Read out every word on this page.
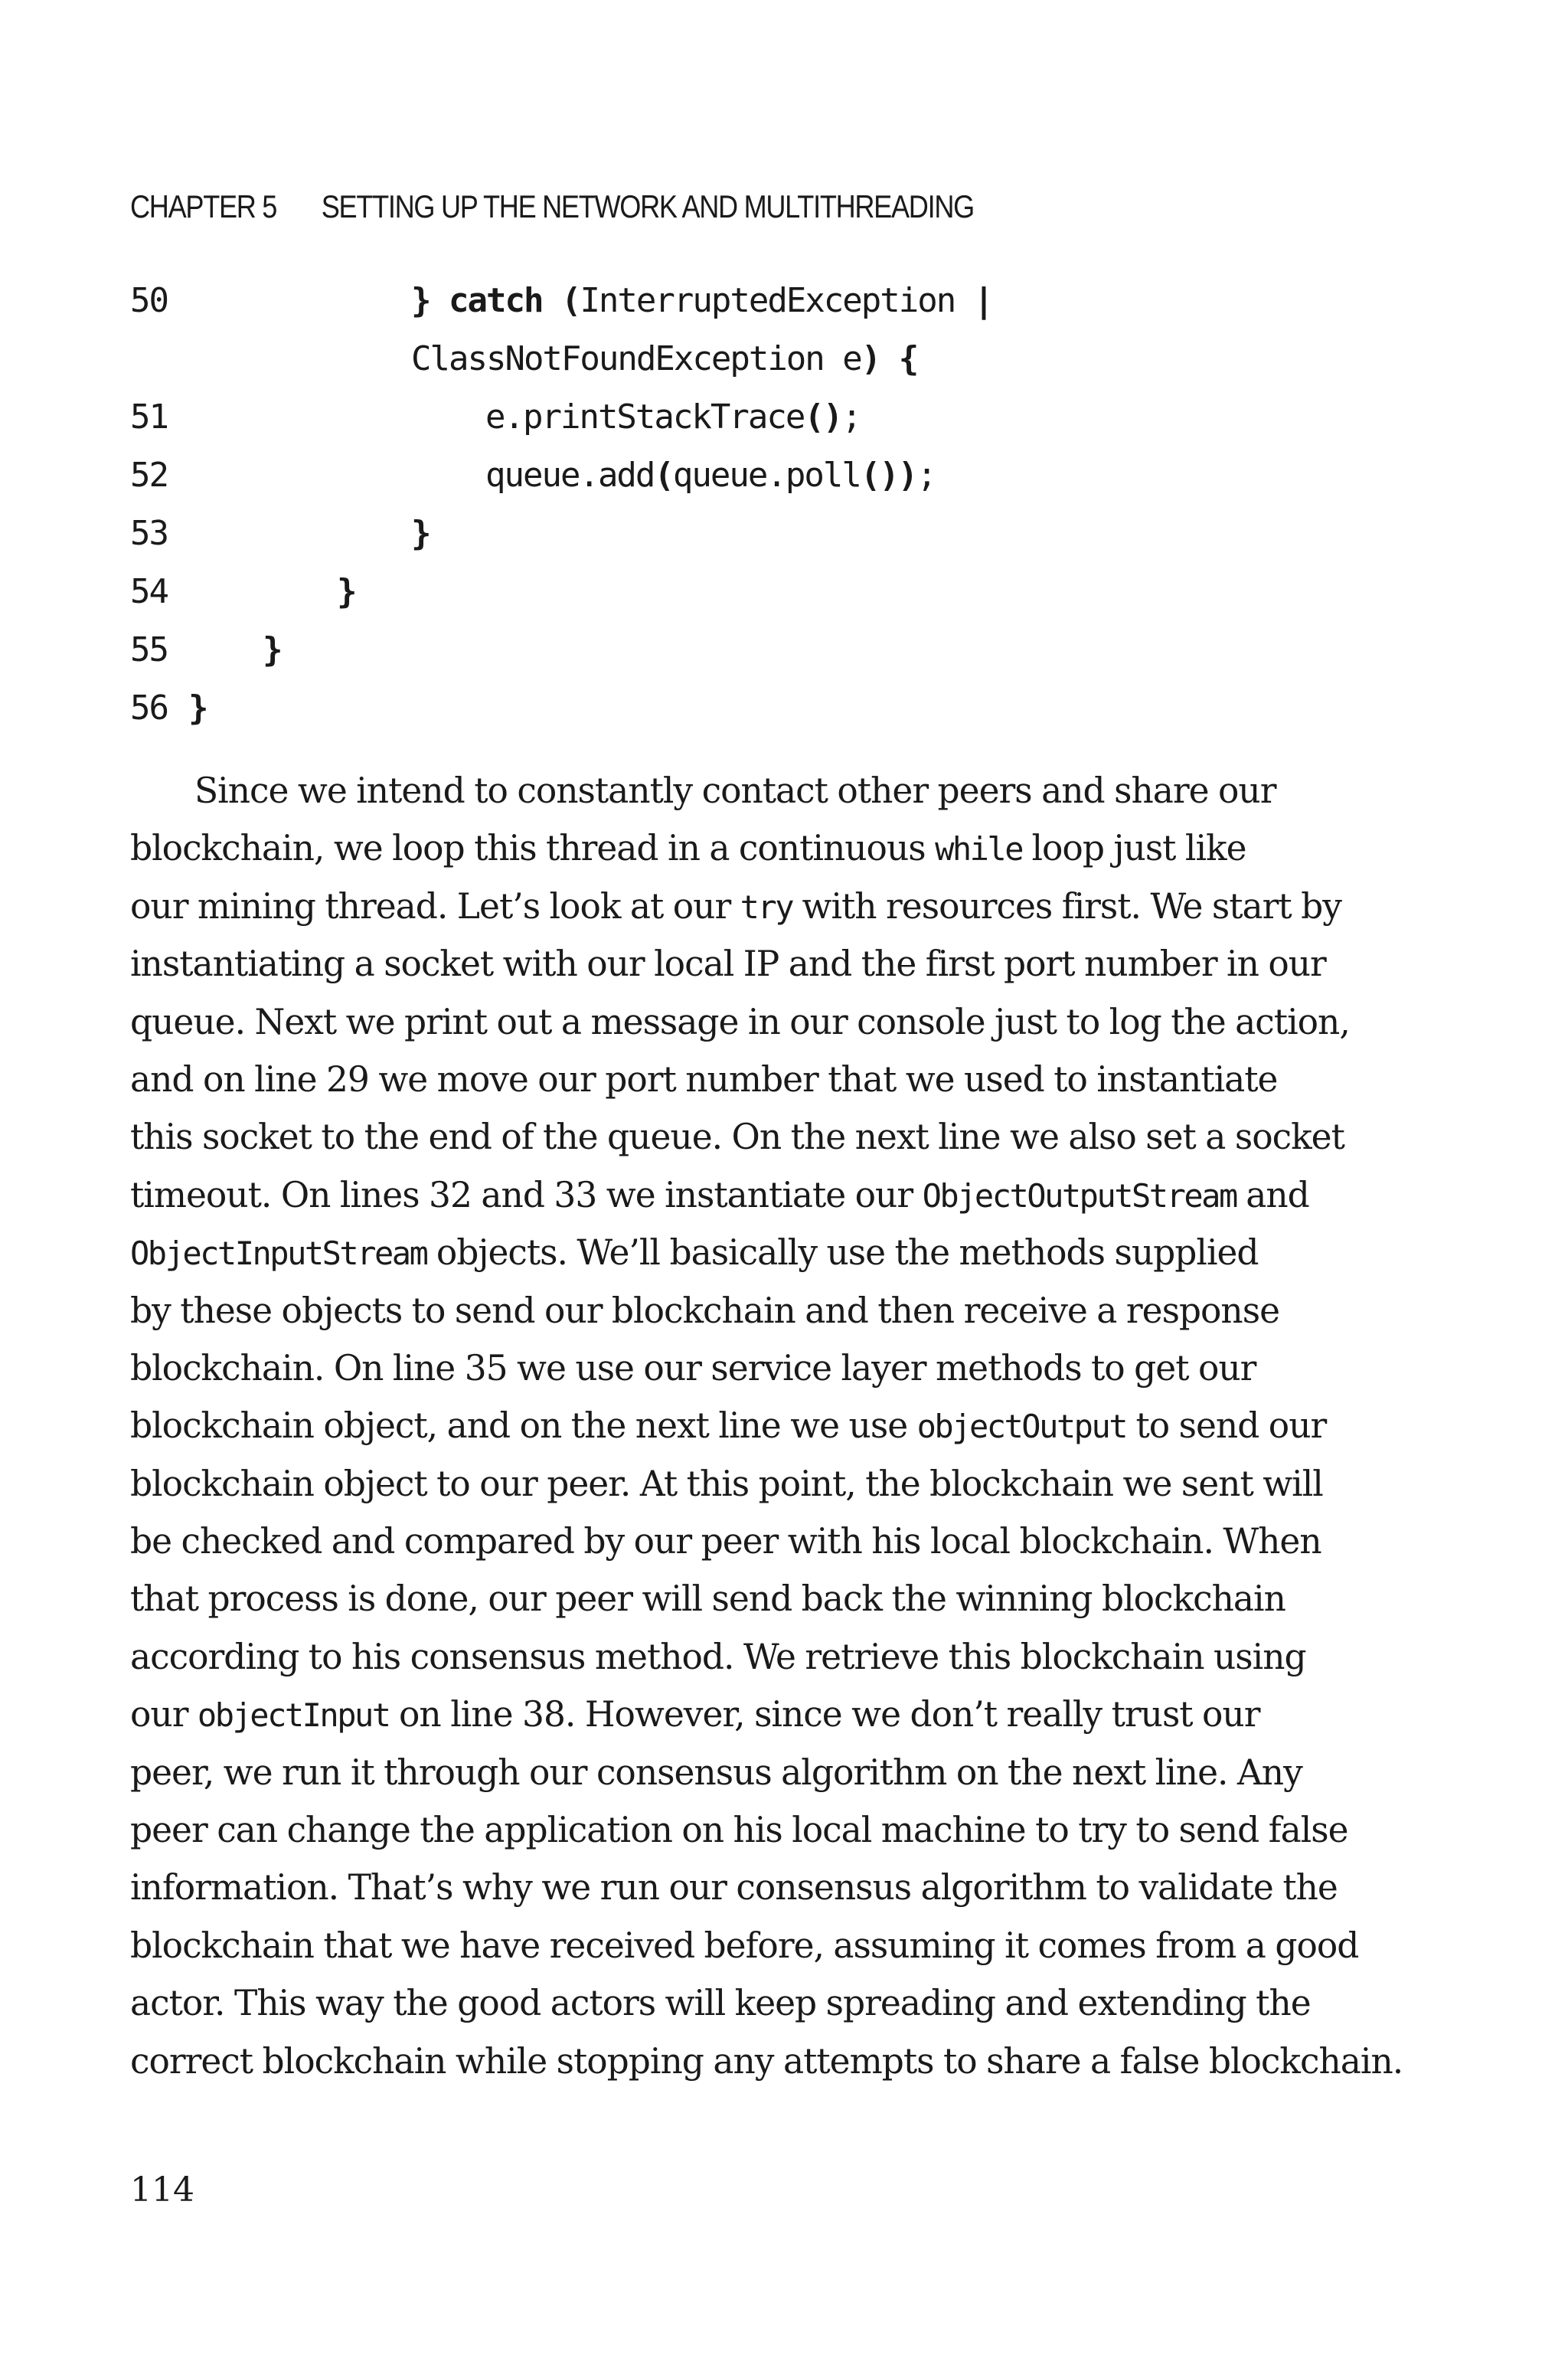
CHAPTER 5 SETTING UP THE NETWORK AND MULTITHREADING
50	} catch (InterruptedException |
ClassNotFoundException e) {
51	e.printStackTrace();
52	queue.add(queue.poll());
53	}
54	}
55	}
56 }
Since we intend to constantly contact other peers and share our
blockchain, we loop this thread in a continuous while loop just like
our mining thread. Let’s look at our try with resources first. We start by
instantiating a socket with our local IP and the first port number in our
queue. Next we print out a message in our console just to log the action,
and on line 29 we move our port number that we used to instantiate
this socket to the end of the queue. On the next line we also set a socket
timeout. On lines 32 and 33 we instantiate our ObjectOutputStream and
ObjectInputStream objects. We’ll basically use the methods supplied
by these objects to send our blockchain and then receive a response
blockchain. On line 35 we use our service layer methods to get our
blockchain object, and on the next line we use objectOutput to send our
blockchain object to our peer. At this point, the blockchain we sent will
be checked and compared by our peer with his local blockchain. When
that process is done, our peer will send back the winning blockchain
according to his consensus method. We retrieve this blockchain using
our objectInput on line 38. However, since we don’t really trust our
peer, we run it through our consensus algorithm on the next line. Any
peer can change the application on his local machine to try to send false
information. That’s why we run our consensus algorithm to validate the
blockchain that we have received before, assuming it comes from a good
actor. This way the good actors will keep spreading and extending the
correct blockchain while stopping any attempts to share a false blockchain.
114
